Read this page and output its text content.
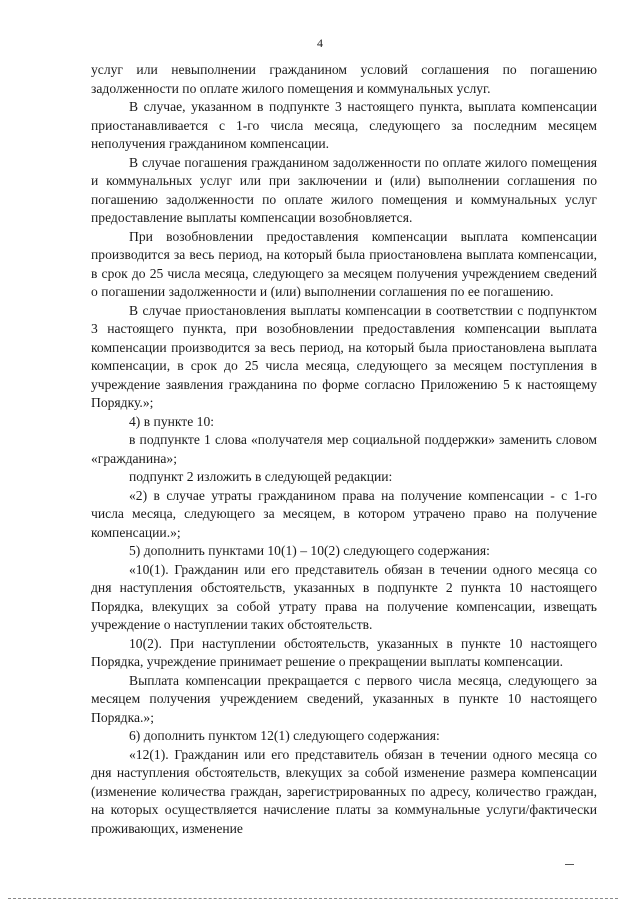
4

услуг или невыполнении гражданином условий соглашения по погашению задолженности по оплате жилого помещения и коммунальных услуг.

В случае, указанном в подпункте 3 настоящего пункта, выплата компенсации приостанавливается с 1-го числа месяца, следующего за последним месяцем неполучения гражданином компенсации.

В случае погашения гражданином задолженности по оплате жилого помещения и коммунальных услуг или при заключении и (или) выполнении соглашения по погашению задолженности по оплате жилого помещения и коммунальных услуг предоставление выплаты компенсации возобновляется.

При возобновлении предоставления компенсации выплата компенсации производится за весь период, на который была приостановлена выплата компенсации, в срок до 25 числа месяца, следующего за месяцем получения учреждением сведений о погашении задолженности и (или) выполнении соглашения по ее погашению.

В случае приостановления выплаты компенсации в соответствии с подпунктом 3 настоящего пункта, при возобновлении предоставления компенсации выплата компенсации производится за весь период, на который была приостановлена выплата компенсации, в срок до 25 числа месяца, следующего за месяцем поступления в учреждение заявления гражданина по форме согласно Приложению 5 к настоящему Порядку.»;

4) в пункте 10:

в подпункте 1 слова «получателя мер социальной поддержки» заменить словом «гражданина»;

подпункт 2 изложить в следующей редакции:

«2) в случае утраты гражданином права на получение компенсации - с 1-го числа месяца, следующего за месяцем, в котором утрачено право на получение компенсации.»;

5) дополнить пунктами 10(1) – 10(2) следующего содержания:

«10(1). Гражданин или его представитель обязан в течении одного месяца со дня наступления обстоятельств, указанных в подпункте 2 пункта 10 настоящего Порядка, влекущих за собой утрату права на получение компенсации, извещать учреждение о наступлении таких обстоятельств.

10(2). При наступлении обстоятельств, указанных в пункте 10 настоящего Порядка, учреждение принимает решение о прекращении выплаты компенсации.

Выплата компенсации прекращается с первого числа месяца, следующего за месяцем получения учреждением сведений, указанных в пункте 10 настоящего Порядка.»;

6) дополнить пунктом 12(1) следующего содержания:

«12(1). Гражданин или его представитель обязан в течении одного месяца со дня наступления обстоятельств, влекущих за собой изменение размера компенсации (изменение количества граждан, зарегистрированных по адресу, количество граждан, на которых осуществляется начисление платы за коммунальные услуги/фактически проживающих, изменение
